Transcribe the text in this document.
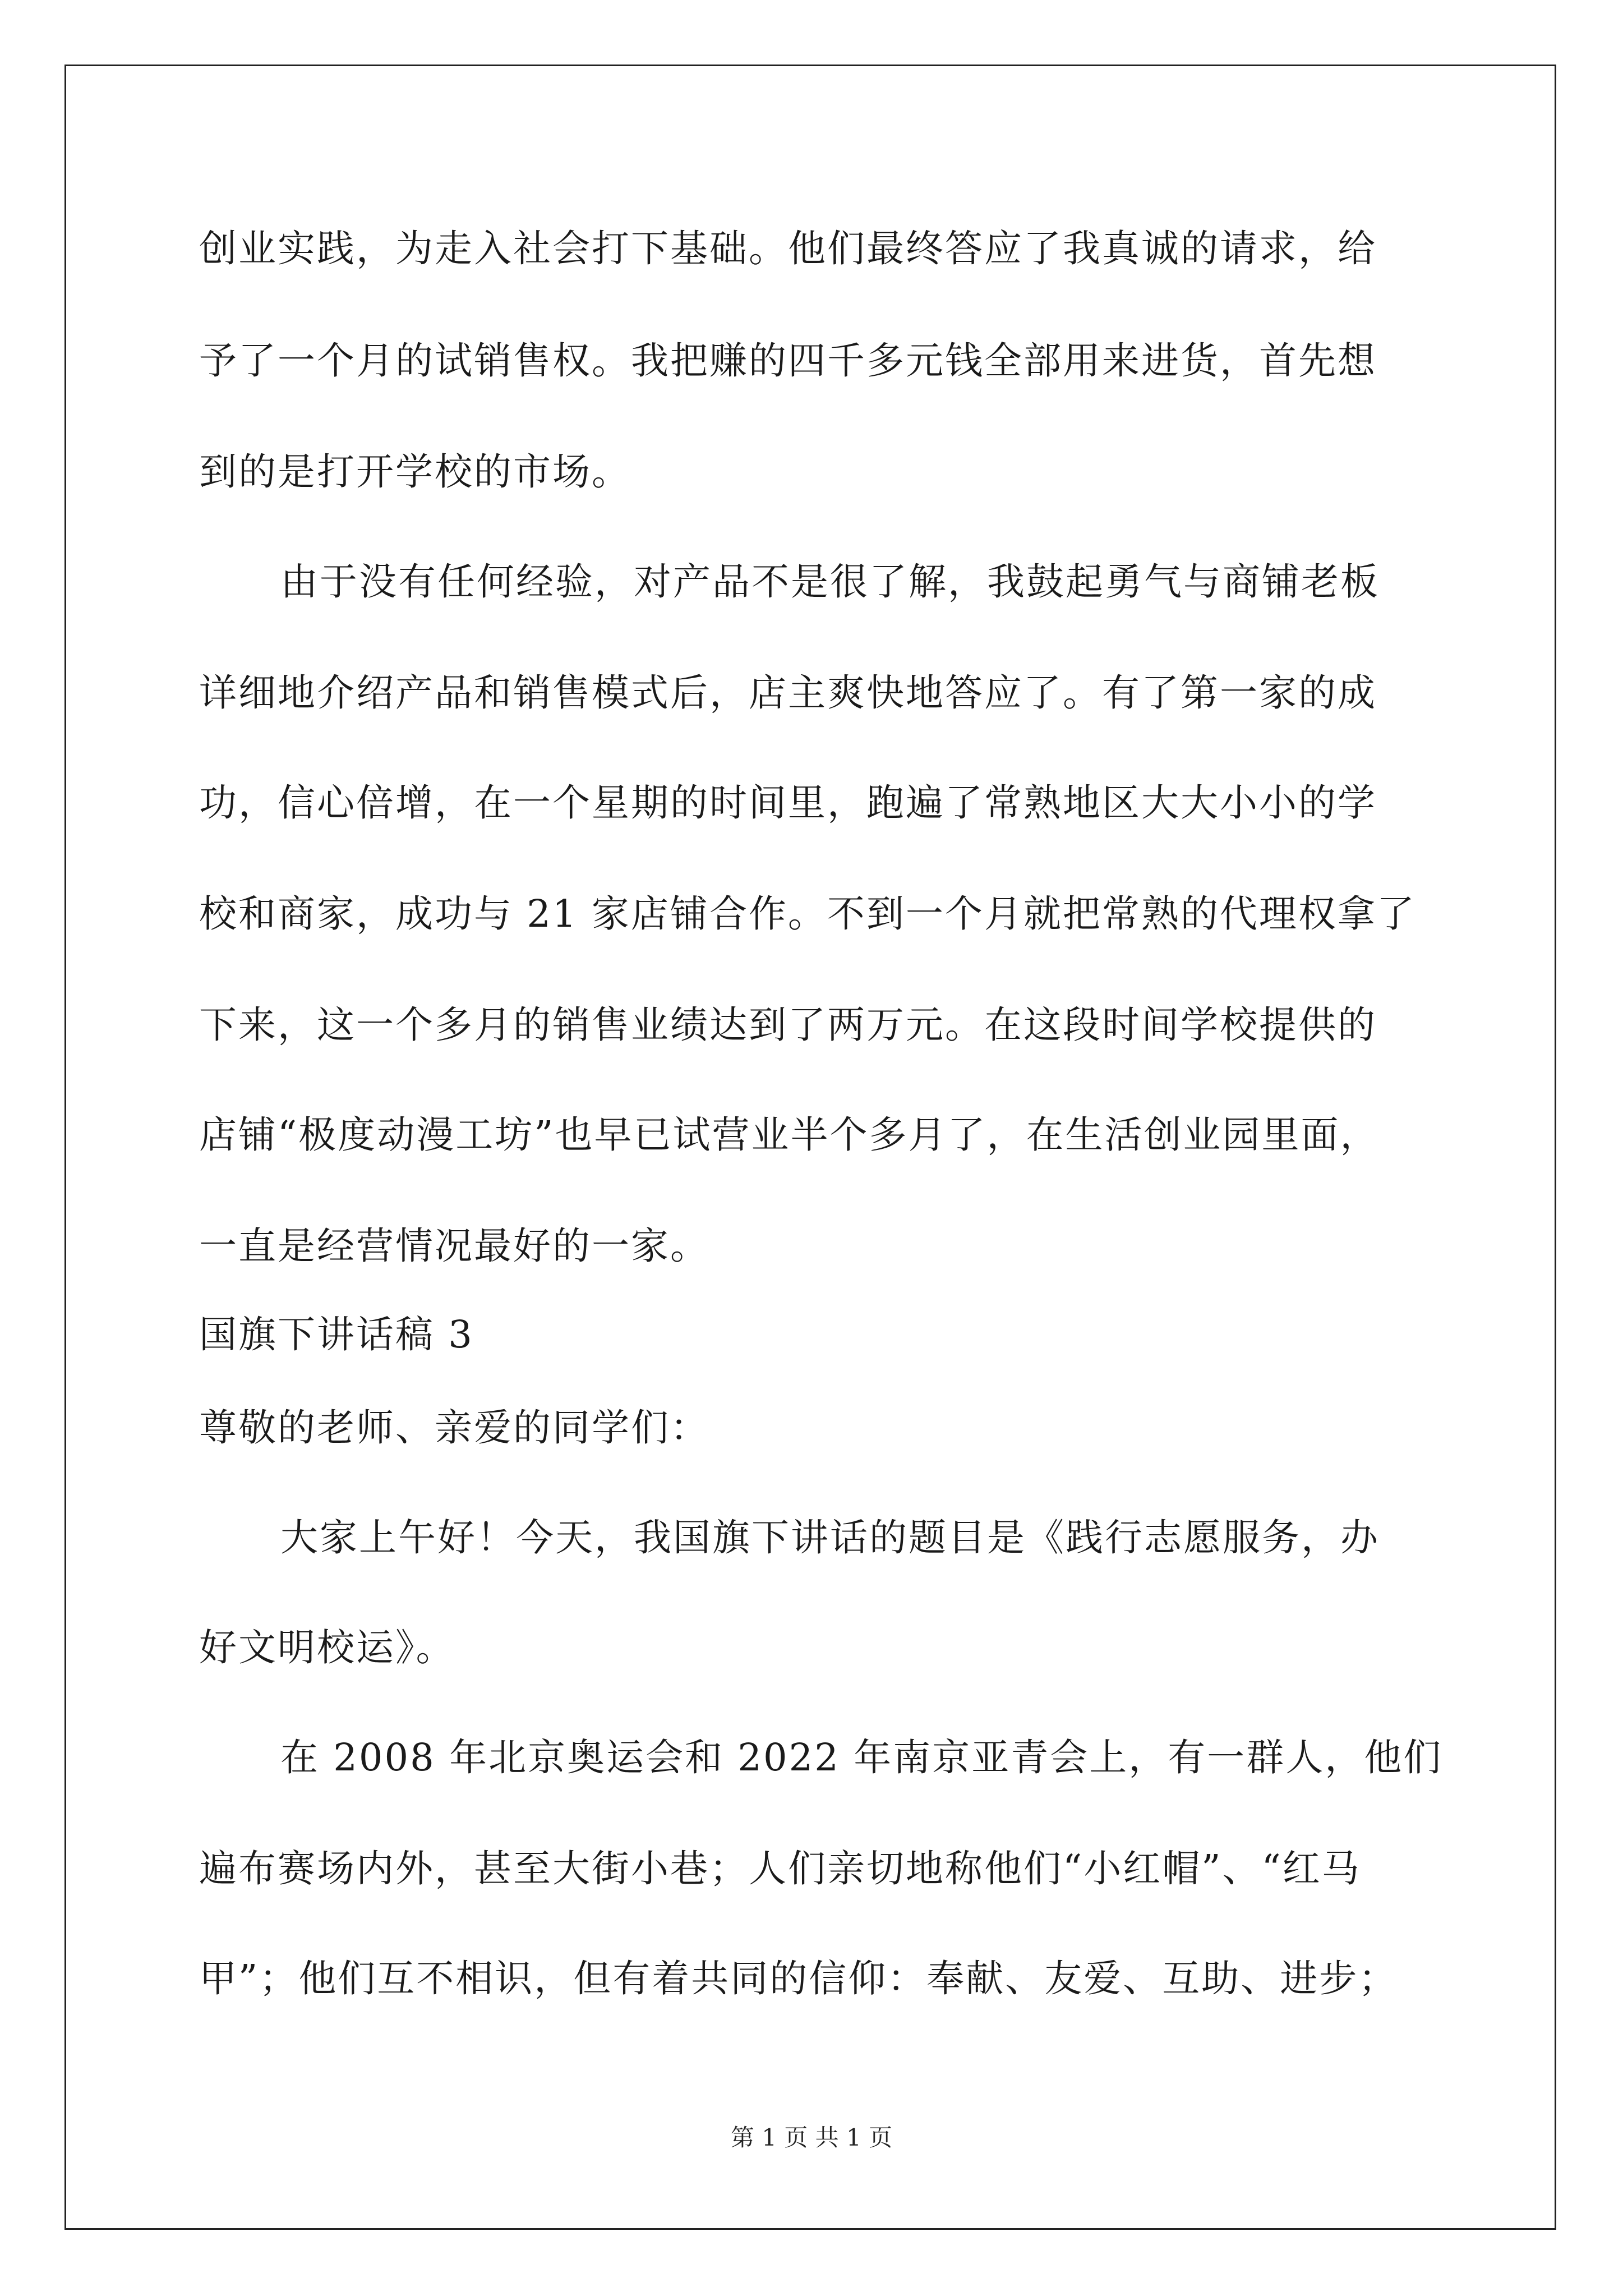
创业实践，为走入社会打下基础。他们最终答应了我真诚的请求，给
予了一个月的试销售权。我把赚的四千多元钱全部用来进货，首先想
到的是打开学校的市场。
由于没有任何经验，对产品不是很了解，我鼓起勇气与商铺老板
详细地介绍产品和销售模式后，店主爽快地答应了。有了第一家的成
功，信心倍增，在一个星期的时间里，跑遍了常熟地区大大小小的学
校和商家，成功与 21 家店铺合作。不到一个月就把常熟的代理权拿了
下来，这一个多月的销售业绩达到了两万元。在这段时间学校提供的
店铺“极度动漫工坊”也早已试营业半个多月了，在生活创业园里面，
一直是经营情况最好的一家。
国旗下讲话稿 3
尊敬的老师、亲爱的同学们：
大家上午好！今天，我国旗下讲话的题目是《践行志愿服务，办
好文明校运》。
在 2008 年北京奥运会和 2022 年南京亚青会上，有一群人，他们
遍布赛场内外，甚至大街小巷；人们亲切地称他们“小红帽”、“红马
甲”；他们互不相识，但有着共同的信仰：奉献、友爱、互助、进步；
第 1 页 共 1 页
